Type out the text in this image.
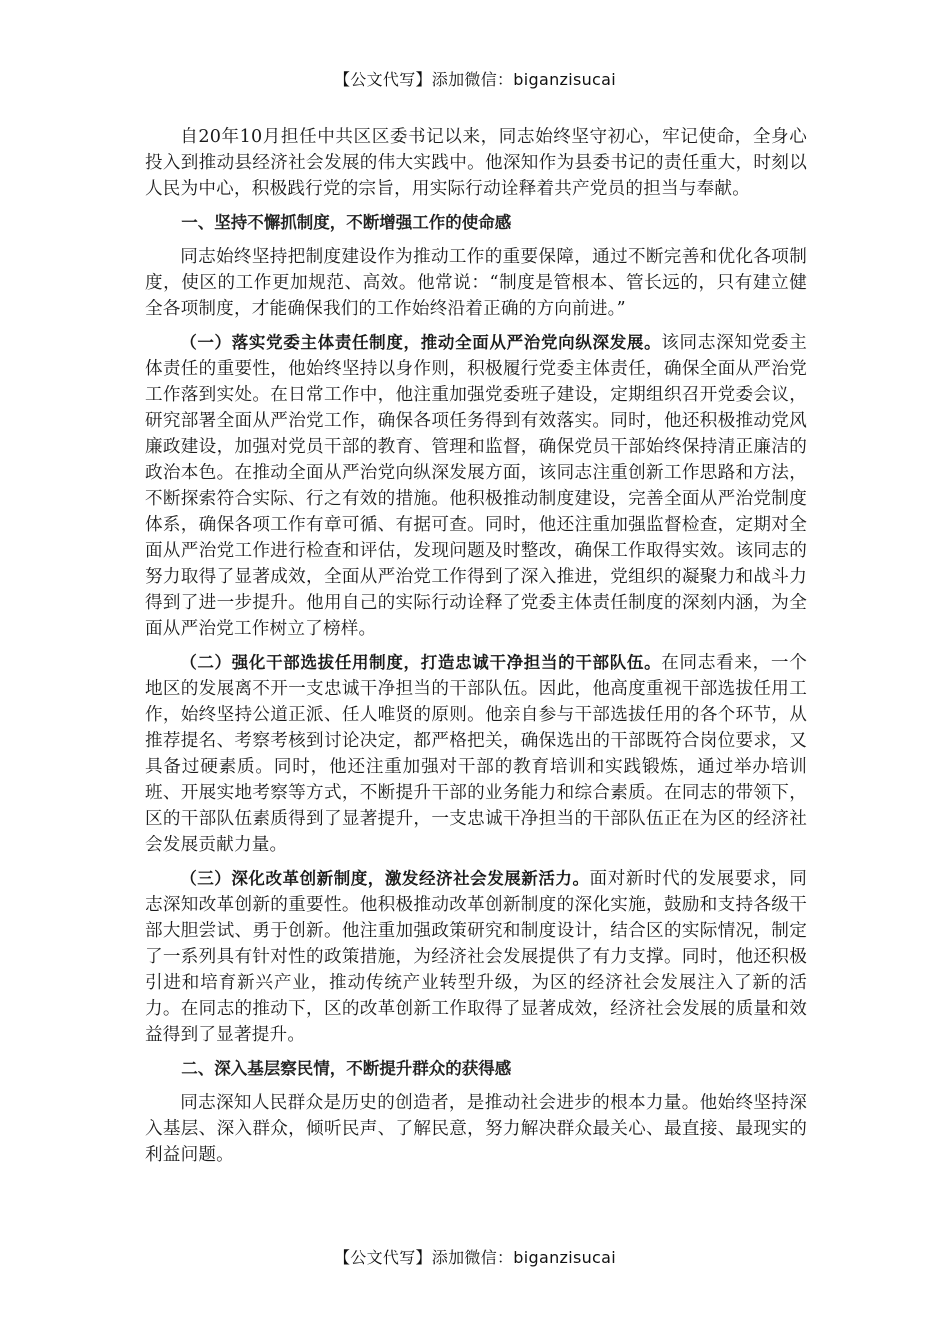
【公文代写】添加微信：biganzisucai

自20年10月担任中共区区委书记以来，同志始终坚守初心，牢记使命，全身心投入到推动县经济社会发展的伟大实践中。他深知作为县委书记的责任重大，时刻以人民为中心，积极践行党的宗旨，用实际行动诠释着共产党员的担当与奉献。

一、坚持不懈抓制度，不断增强工作的使命感

同志始终坚持把制度建设作为推动工作的重要保障，通过不断完善和优化各项制度，使区的工作更加规范、高效。他常说：“制度是管根本、管长远的，只有建立健全各项制度，才能确保我们的工作始终沿着正确的方向前进。”

（一）落实党委主体责任制度，推动全面从严治党向纵深发展。该同志深知党委主体责任的重要性，他始终坚持以身作则，积极履行党委主体责任，确保全面从严治党工作落到实处。在日常工作中，他注重加强党委班子建设，定期组织召开党委会议，研究部署全面从严治党工作，确保各项任务得到有效落实。同时，他还积极推动党风廉政建设，加强对党员干部的教育、管理和监督，确保党员干部始终保持清正廉洁的政治本色。在推动全面从严治党向纵深发展方面，该同志注重创新工作思路和方法，不断探索符合实际、行之有效的措施。他积极推动制度建设，完善全面从严治党制度体系，确保各项工作有章可循、有据可查。同时，他还注重加强监督检查，定期对全面从严治党工作进行检查和评估，发现问题及时整改，确保工作取得实效。该同志的努力取得了显著成效，全面从严治党工作得到了深入推进，党组织的凝聚力和战斗力得到了进一步提升。他用自己的实际行动诠释了党委主体责任制度的深刻内涵，为全面从严治党工作树立了榜样。

（二）强化干部选拔任用制度，打造忠诚干净担当的干部队伍。在同志看来，一个地区的发展离不开一支忠诚干净担当的干部队伍。因此，他高度重视干部选拔任用工作，始终坚持公道正派、任人唯贤的原则。他亲自参与干部选拔任用的各个环节，从推荐提名、考察考核到讨论决定，都严格把关，确保选出的干部既符合岗位要求，又具备过硬素质。同时，他还注重加强对干部的教育培训和实践锻炼，通过举办培训班、开展实地考察等方式，不断提升干部的业务能力和综合素质。在同志的带领下，区的干部队伍素质得到了显著提升，一支忠诚干净担当的干部队伍正在为区的经济社会发展贡献力量。

（三）深化改革创新制度，激发经济社会发展新活力。面对新时代的发展要求，同志深知改革创新的重要性。他积极推动改革创新制度的深化实施，鼓励和支持各级干部大胆尝试、勇于创新。他注重加强政策研究和制度设计，结合区的实际情况，制定了一系列具有针对性的政策措施，为经济社会发展提供了有力支撑。同时，他还积极引进和培育新兴产业，推动传统产业转型升级，为区的经济社会发展注入了新的活力。在同志的推动下，区的改革创新工作取得了显著成效，经济社会发展的质量和效益得到了显著提升。

二、深入基层察民情，不断提升群众的获得感

同志深知人民群众是历史的创造者，是推动社会进步的根本力量。他始终坚持深入基层、深入群众，倾听民声、了解民意，努力解决群众最关心、最直接、最现实的利益问题。

【公文代写】添加微信：biganzisucai
